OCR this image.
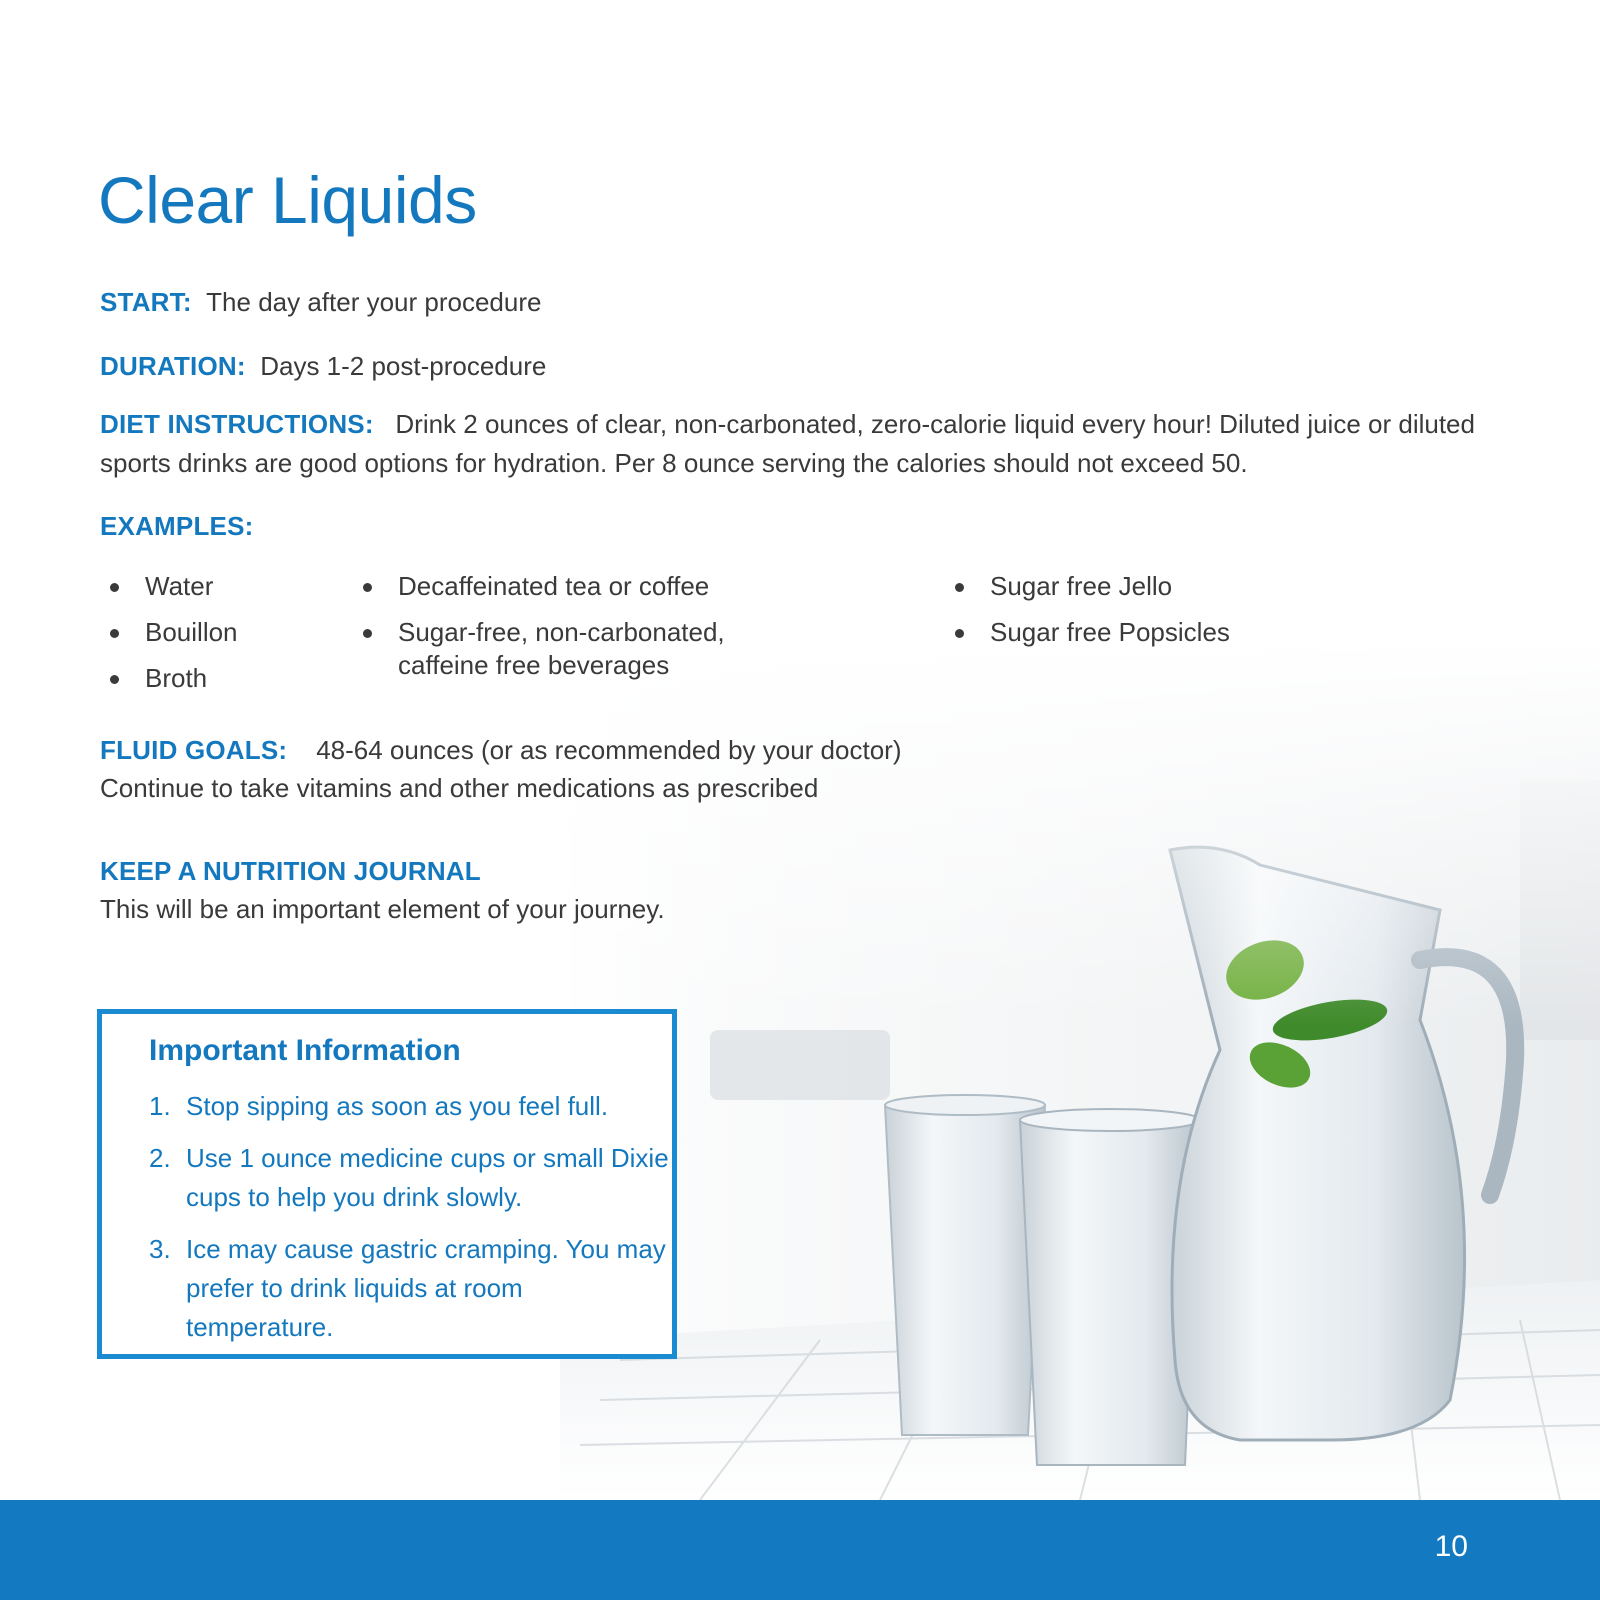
Clear Liquids

START: The day after your procedure

DURATION: Days 1-2 post-procedure

DIET INSTRUCTIONS: Drink 2 ounces of clear, non-carbonated, zero-calorie liquid every hour! Diluted juice or diluted sports drinks are good options for hydration. Per 8 ounce serving the calories should not exceed 50.

EXAMPLES:

Water
Bouillon
Broth
Decaffeinated tea or coffee
Sugar-free, non-carbonated, caffeine free beverages
Sugar free Jello
Sugar free Popsicles

FLUID GOALS: 48-64 ounces (or as recommended by your doctor)

Continue to take vitamins and other medications as prescribed

KEEP A NUTRITION JOURNAL

This will be an important element of your journey.

Important Information
1. Stop sipping as soon as you feel full.
2. Use 1 ounce medicine cups or small Dixie cups to help you drink slowly.
3. Ice may cause gastric cramping. You may prefer to drink liquids at room temperature.
10
